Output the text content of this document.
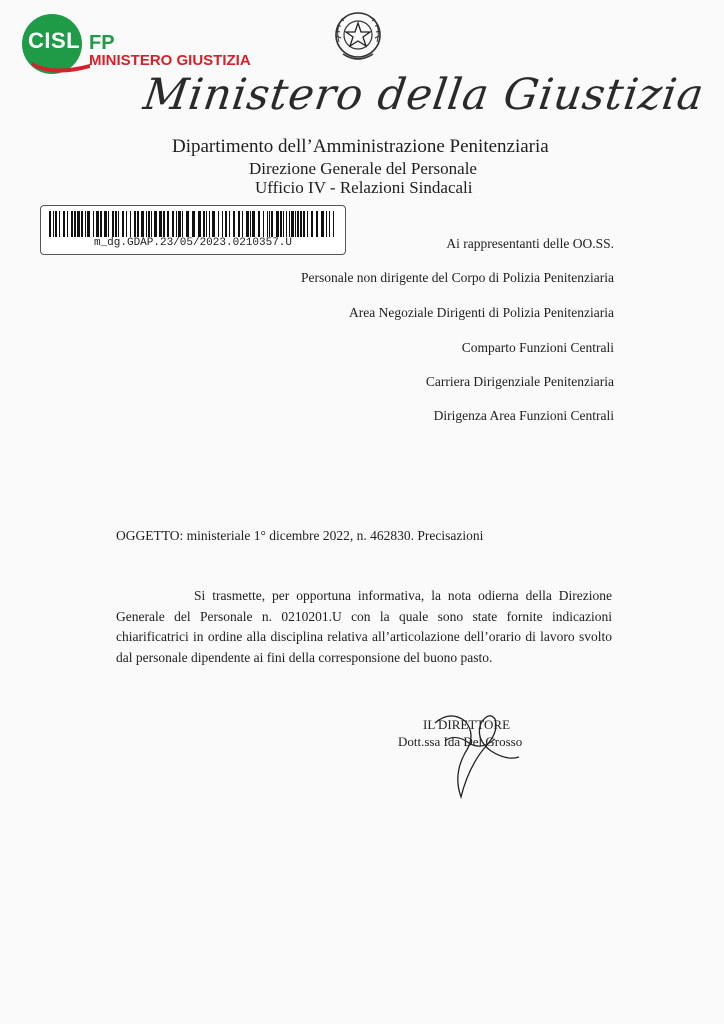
CISL FP
MINISTERO GIUSTIZIA
Ministero della Giustizia
Dipartimento dell’Amministrazione Penitenziaria
Direzione Generale del Personale
Ufficio IV - Relazioni Sindacali
m_dg.GDAP.23/05/2023.0210357.U	Ai rappresentanti delle OO.SS.
Personale non dirigente del Corpo di Polizia Penitenziaria
Area Negoziale Dirigenti di Polizia Penitenziaria
Comparto Funzioni Centrali
Carriera Dirigenziale Penitenziaria
Dirigenza Area Funzioni Centrali
OGGETTO: ministeriale 1° dicembre 2022, n. 462830. Precisazioni

Si trasmette, per opportuna informativa, la nota odierna della Direzione Generale del Personale n. 0210201.U con la quale sono state fornite indicazioni chiarificatrici in ordine alla disciplina relativa all’articolazione dell’orario di lavoro svolto dal personale dipendente ai fini della corresponsione del buono pasto.

IL DIRETTORE
Dott.ssa Ida Del Grosso
